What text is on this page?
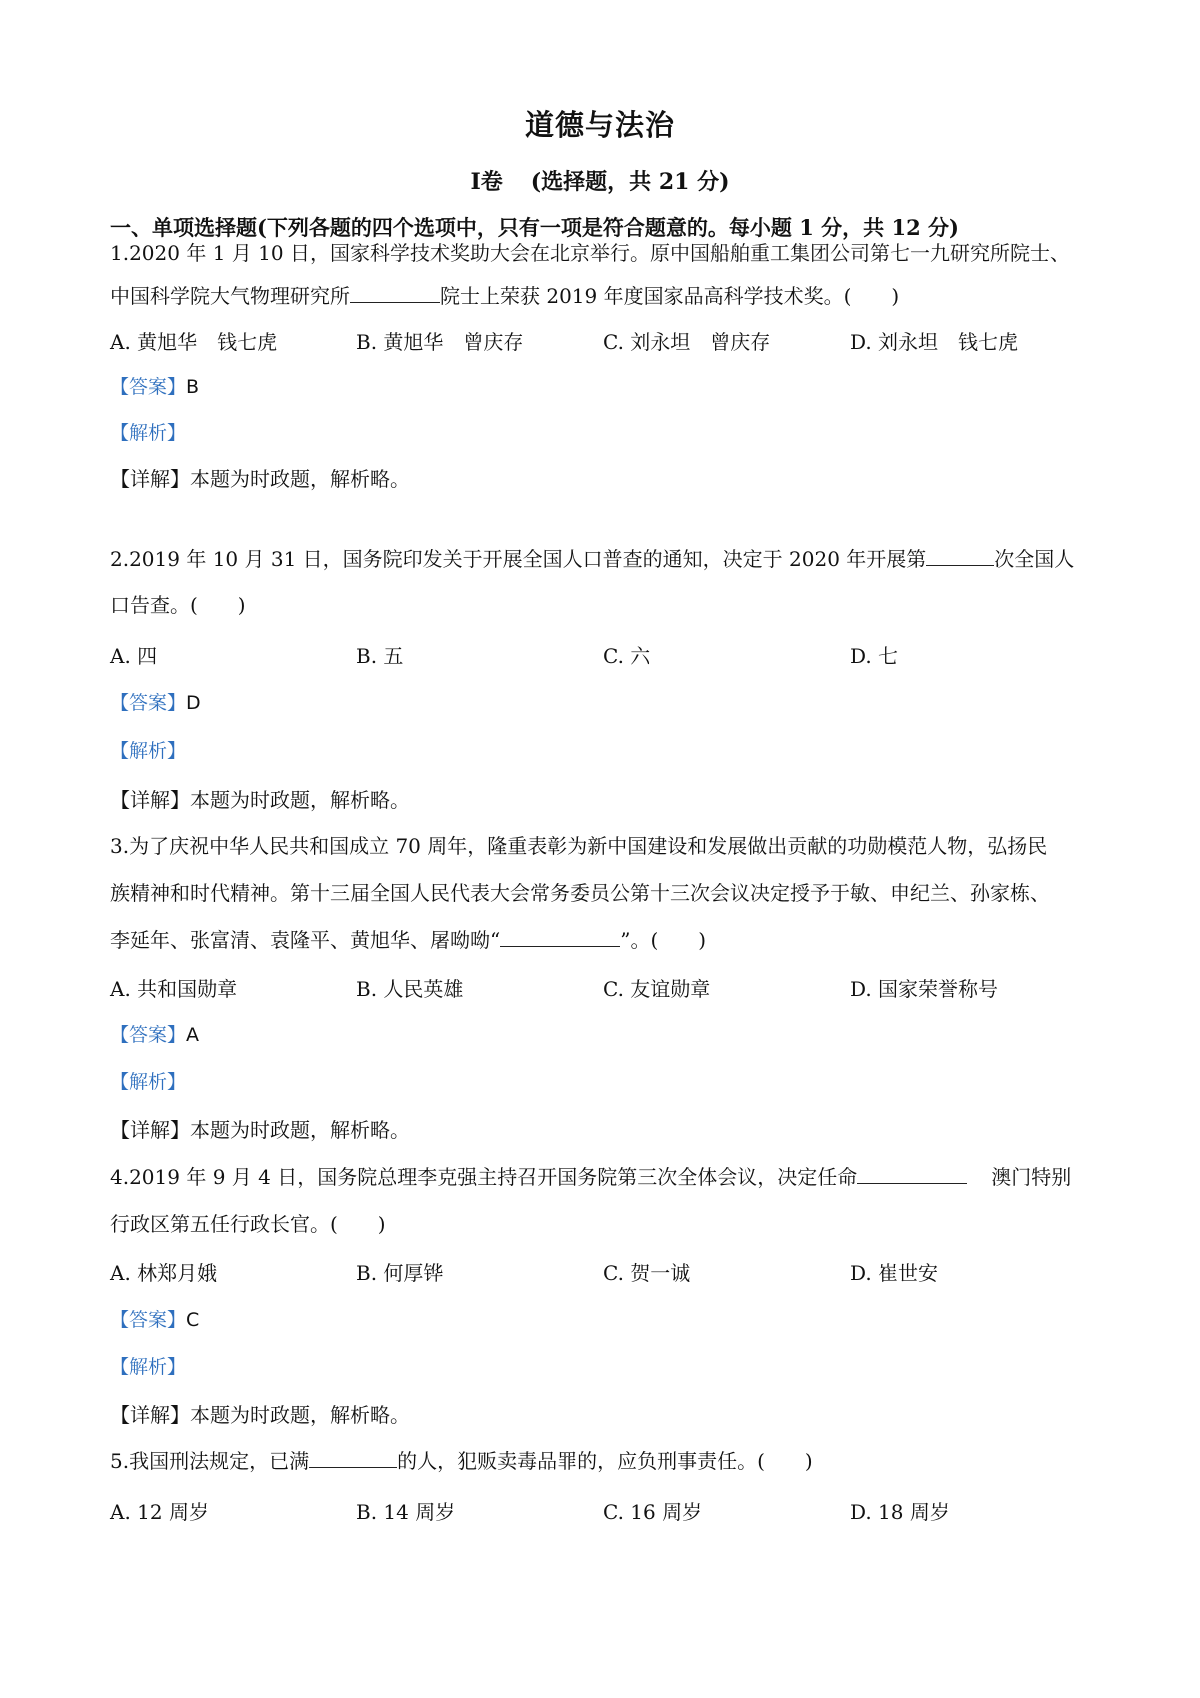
道德与法治
Ⅰ卷 (选择题，共 21 分)
一、单项选择题(下列各题的四个选项中，只有一项是符合题意的。每小题 1 分，共 12 分)
1.2020 年 1 月 10 日，国家科学技术奖助大会在北京举行。原中国船舶重工集团公司第七一九研究所院士、
中国科学院大气物理研究所	院士上荣获 2019 年度国家品高科学技术奖。(　　)
A. 黄旭华　钱七虎	B. 黄旭华　曾庆存	C. 刘永坦　曾庆存	D. 刘永坦　钱七虎
【答案】B
【解析】
【详解】本题为时政题，解析略。
2.2019 年 10 月 31 日，国务院印发关于开展全国人口普查的通知，决定于 2020 年开展第	次全国人
口告查。(　　)
A. 四	B. 五	C. 六	D. 七
【答案】D
【解析】
【详解】本题为时政题，解析略。
3.为了庆祝中华人民共和国成立 70 周年，隆重表彰为新中国建设和发展做出贡献的功勋模范人物，弘扬民
族精神和时代精神。第十三届全国人民代表大会常务委员公第十三次会议决定授予于敏、申纪兰、孙家栋、
李延年、张富清、袁隆平、黄旭华、屠呦呦“	”。(　　)
A. 共和国勋章	B. 人民英雄	C. 友谊勋章	D. 国家荣誉称号
【答案】A
【解析】
【详解】本题为时政题，解析略。
4.2019 年 9 月 4 日，国务院总理李克强主持召开国务院第三次全体会议，决定任命	澳门特别
行政区第五任行政长官。(　　)
A. 林郑月娥	B. 何厚铧	C. 贺一诚	D. 崔世安
【答案】C
【解析】
【详解】本题为时政题，解析略。
5.我国刑法规定，已满	的人，犯贩卖毒品罪的，应负刑事责任。(　　)
A. 12 周岁	B. 14 周岁	C. 16 周岁	D. 18 周岁
